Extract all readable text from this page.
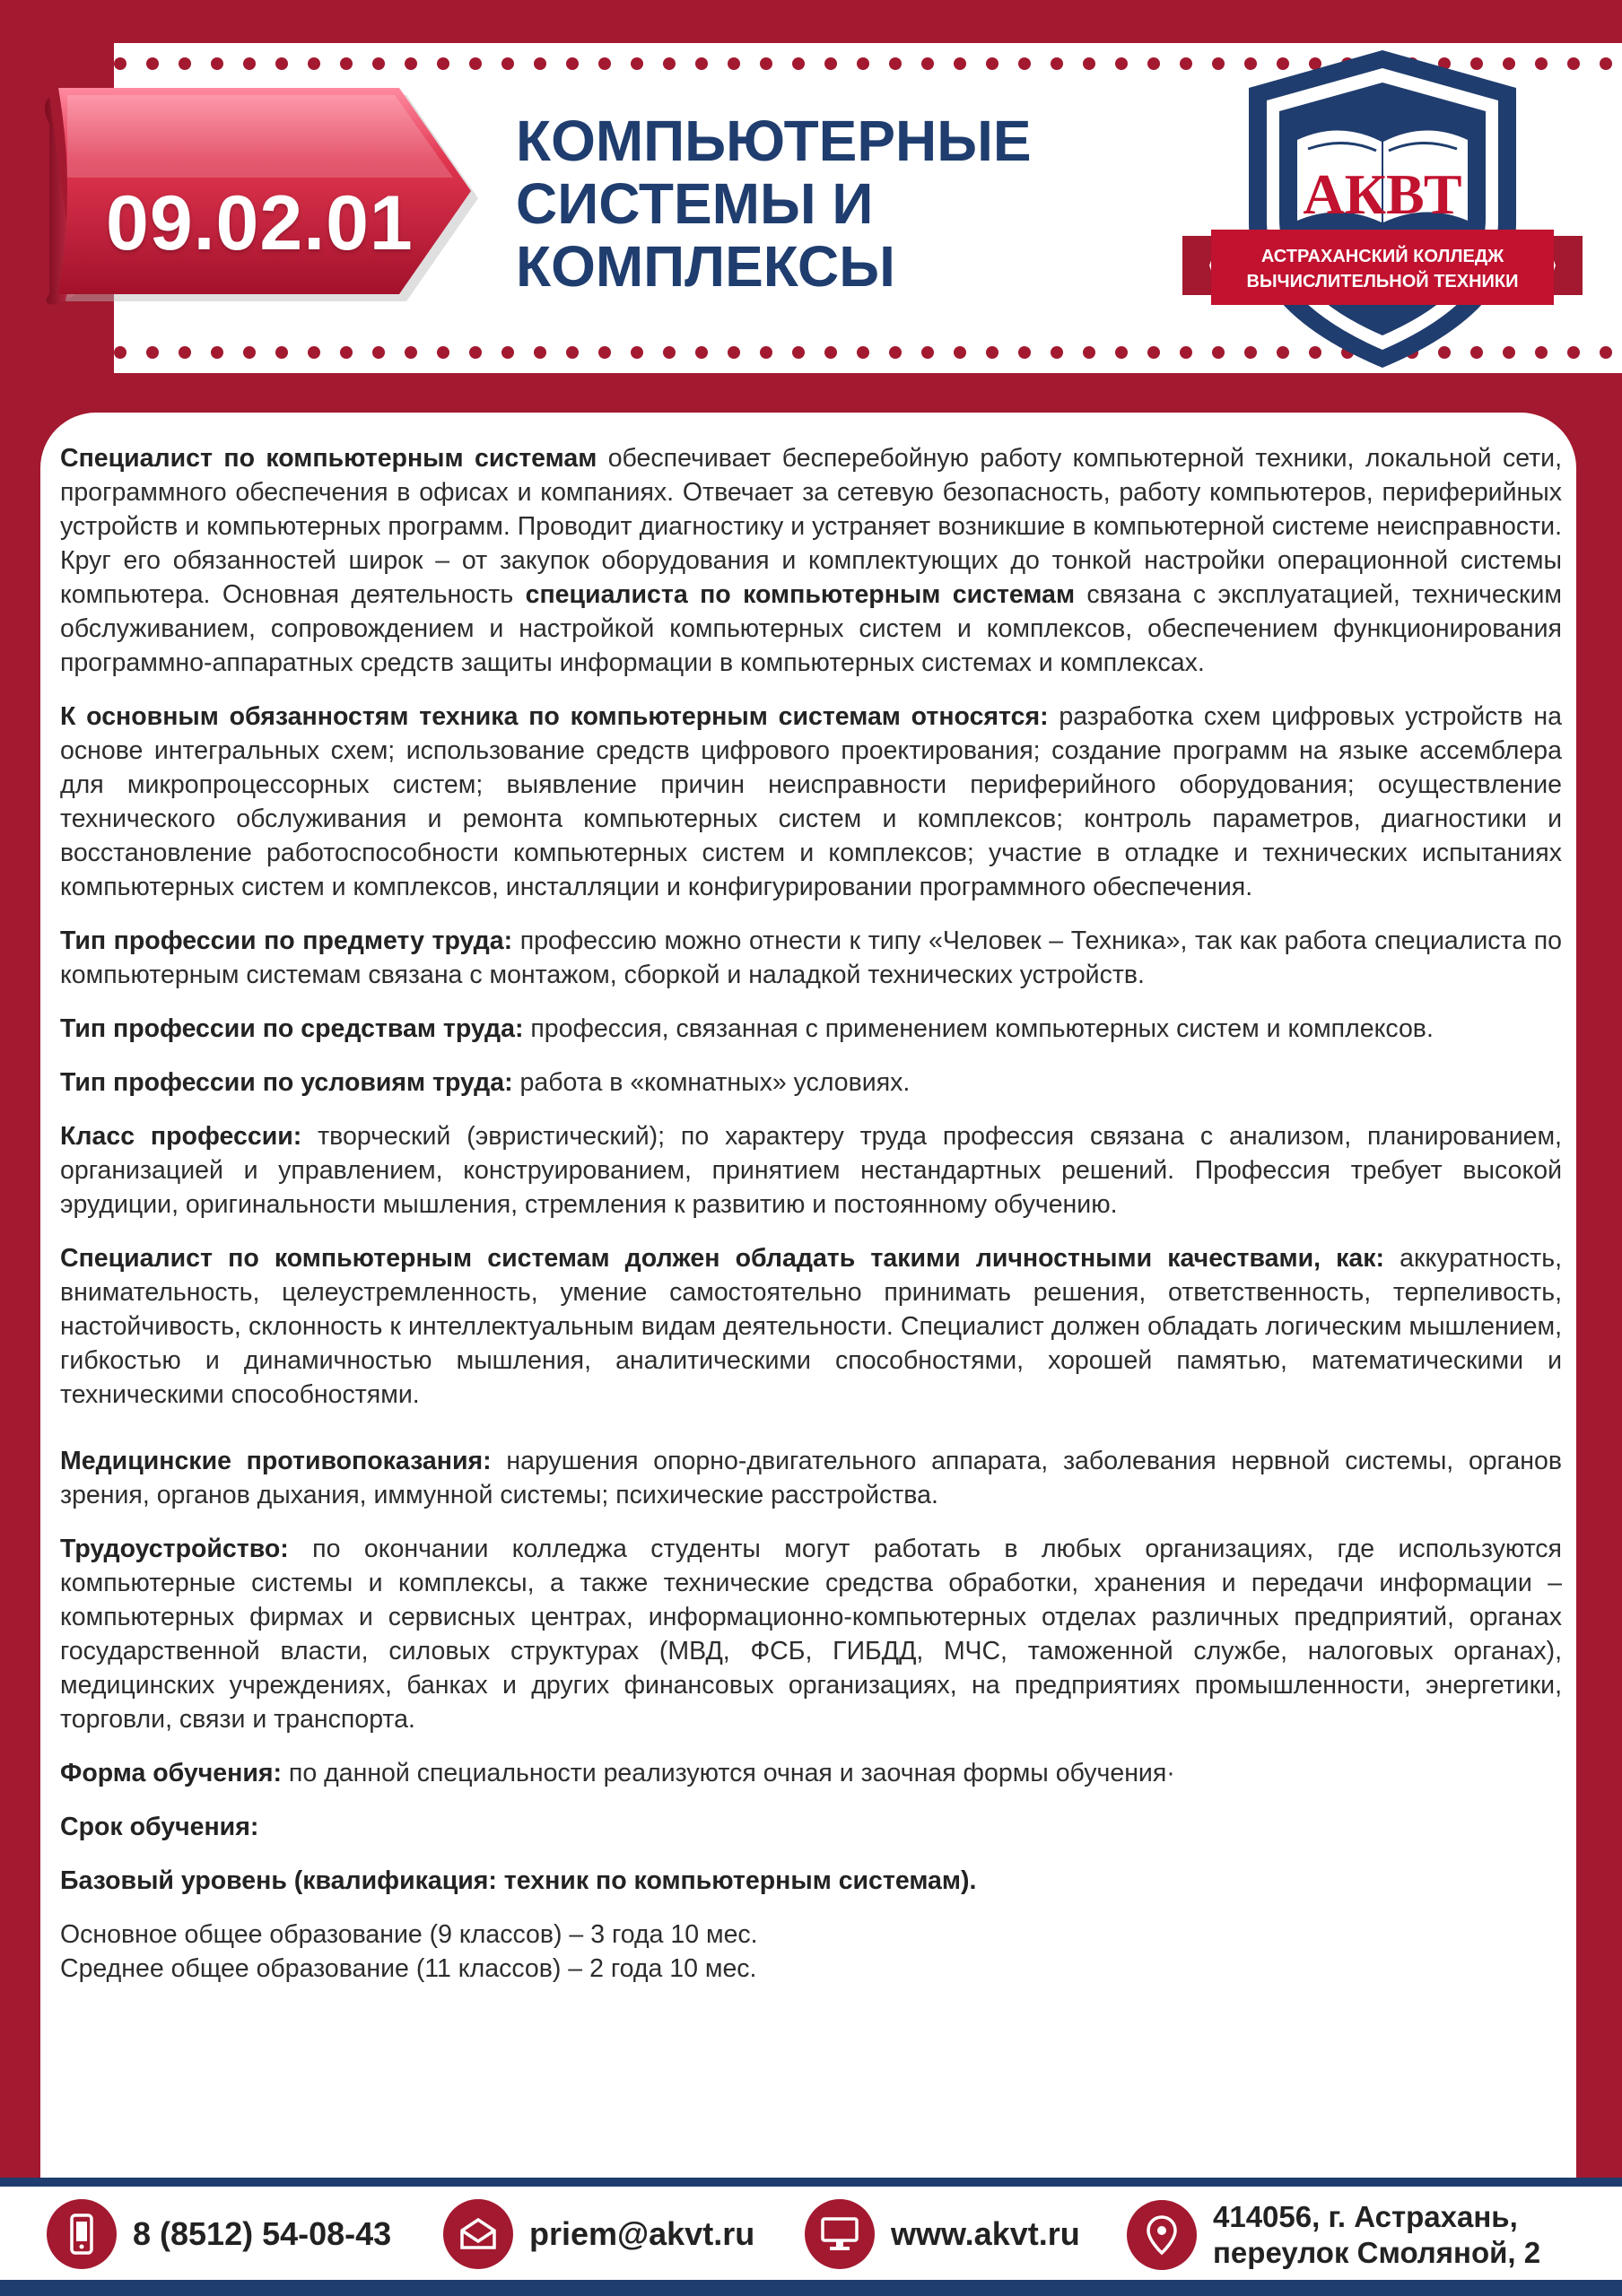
09.02.01
КОМПЬЮТЕРНЫЕ
СИСТЕМЫ И
КОМПЛЕКСЫ
АКВТ
АСТРАХАНСКИЙ КОЛЛЕДЖ
ВЫЧИСЛИТЕЛЬНОЙ ТЕХНИКИ

Специалист по компьютерным системам обеспечивает бесперебойную работу компьютерной техники, локальной сети, программного обеспечения в офисах и компаниях. Отвечает за сетевую безопасность, работу компьютеров, периферийных устройств и компьютерных программ. Проводит диагностику и устраняет возникшие в компьютерной системе неисправности. Круг его обязанностей широк – от закупок оборудования и комплектующих до тонкой настройки операционной системы компьютера. Основная деятельность специалиста по компьютерным системам связана с эксплуатацией, техническим обслуживанием, сопровождением и настройкой компьютерных систем и комплексов, обеспечением функционирования программно-аппаратных средств защиты информации в компьютерных системах и комплексах.

К основным обязанностям техника по компьютерным системам относятся: разработка схем цифровых устройств на основе интегральных схем; использование средств цифрового проектирования; создание программ на языке ассемблера для микропроцессорных систем; выявление причин неисправности периферийного оборудования; осуществление технического обслуживания и ремонта компьютерных систем и комплексов; контроль параметров, диагностики и восстановление работоспособности компьютерных систем и комплексов; участие в отладке и технических испытаниях компьютерных систем и комплексов, инсталляции и конфигурировании программного обеспечения.

Тип профессии по предмету труда: профессию можно отнести к типу «Человек – Техника», так как работа специалиста по компьютерным системам связана с монтажом, сборкой и наладкой технических устройств.

Тип профессии по средствам труда: профессия, связанная с применением компьютерных систем и комплексов.

Тип профессии по условиям труда: работа в «комнатных» условиях.

Класс профессии: творческий (эвристический); по характеру труда профессия связана с анализом, планированием, организацией и управлением, конструированием, принятием нестандартных решений. Профессия требует высокой эрудиции, оригинальности мышления, стремления к развитию и постоянному обучению.

Специалист по компьютерным системам должен обладать такими личностными качествами, как: аккуратность, внимательность, целеустремленность, умение самостоятельно принимать решения, ответственность, терпеливость, настойчивость, склонность к интеллектуальным видам деятельности. Специалист должен обладать логическим мышлением, гибкостью и динамичностью мышления, аналитическими способностями, хорошей памятью, математическими и техническими способностями.

Медицинские противопоказания: нарушения опорно-двигательного аппарата, заболевания нервной системы, органов зрения, органов дыхания, иммунной системы; психические расстройства.

Трудоустройство: по окончании колледжа студенты могут работать в любых организациях, где используются компьютерные системы и комплексы, а также технические средства обработки, хранения и передачи информации – компьютерных фирмах и сервисных центрах, информационно-компьютерных отделах различных предприятий, органах государственной власти, силовых структурах (МВД, ФСБ, ГИБДД, МЧС, таможенной службе, налоговых органах), медицинских учреждениях, банках и других финансовых организациях, на предприятиях промышленности, энергетики, торговли, связи и транспорта.

Форма обучения: по данной специальности реализуются очная и заочная формы обучения·

Срок обучения:

Базовый уровень (квалификация: техник по компьютерным системам).

Основное общее образование (9 классов) – 3 года 10 мес.

Среднее общее образование (11 классов) – 2 года 10 мес.

8 (8512) 54-08-43	priem@akvt.ru	www.akvt.ru	414056, г. Астрахань,
переулок Смоляной, 2
